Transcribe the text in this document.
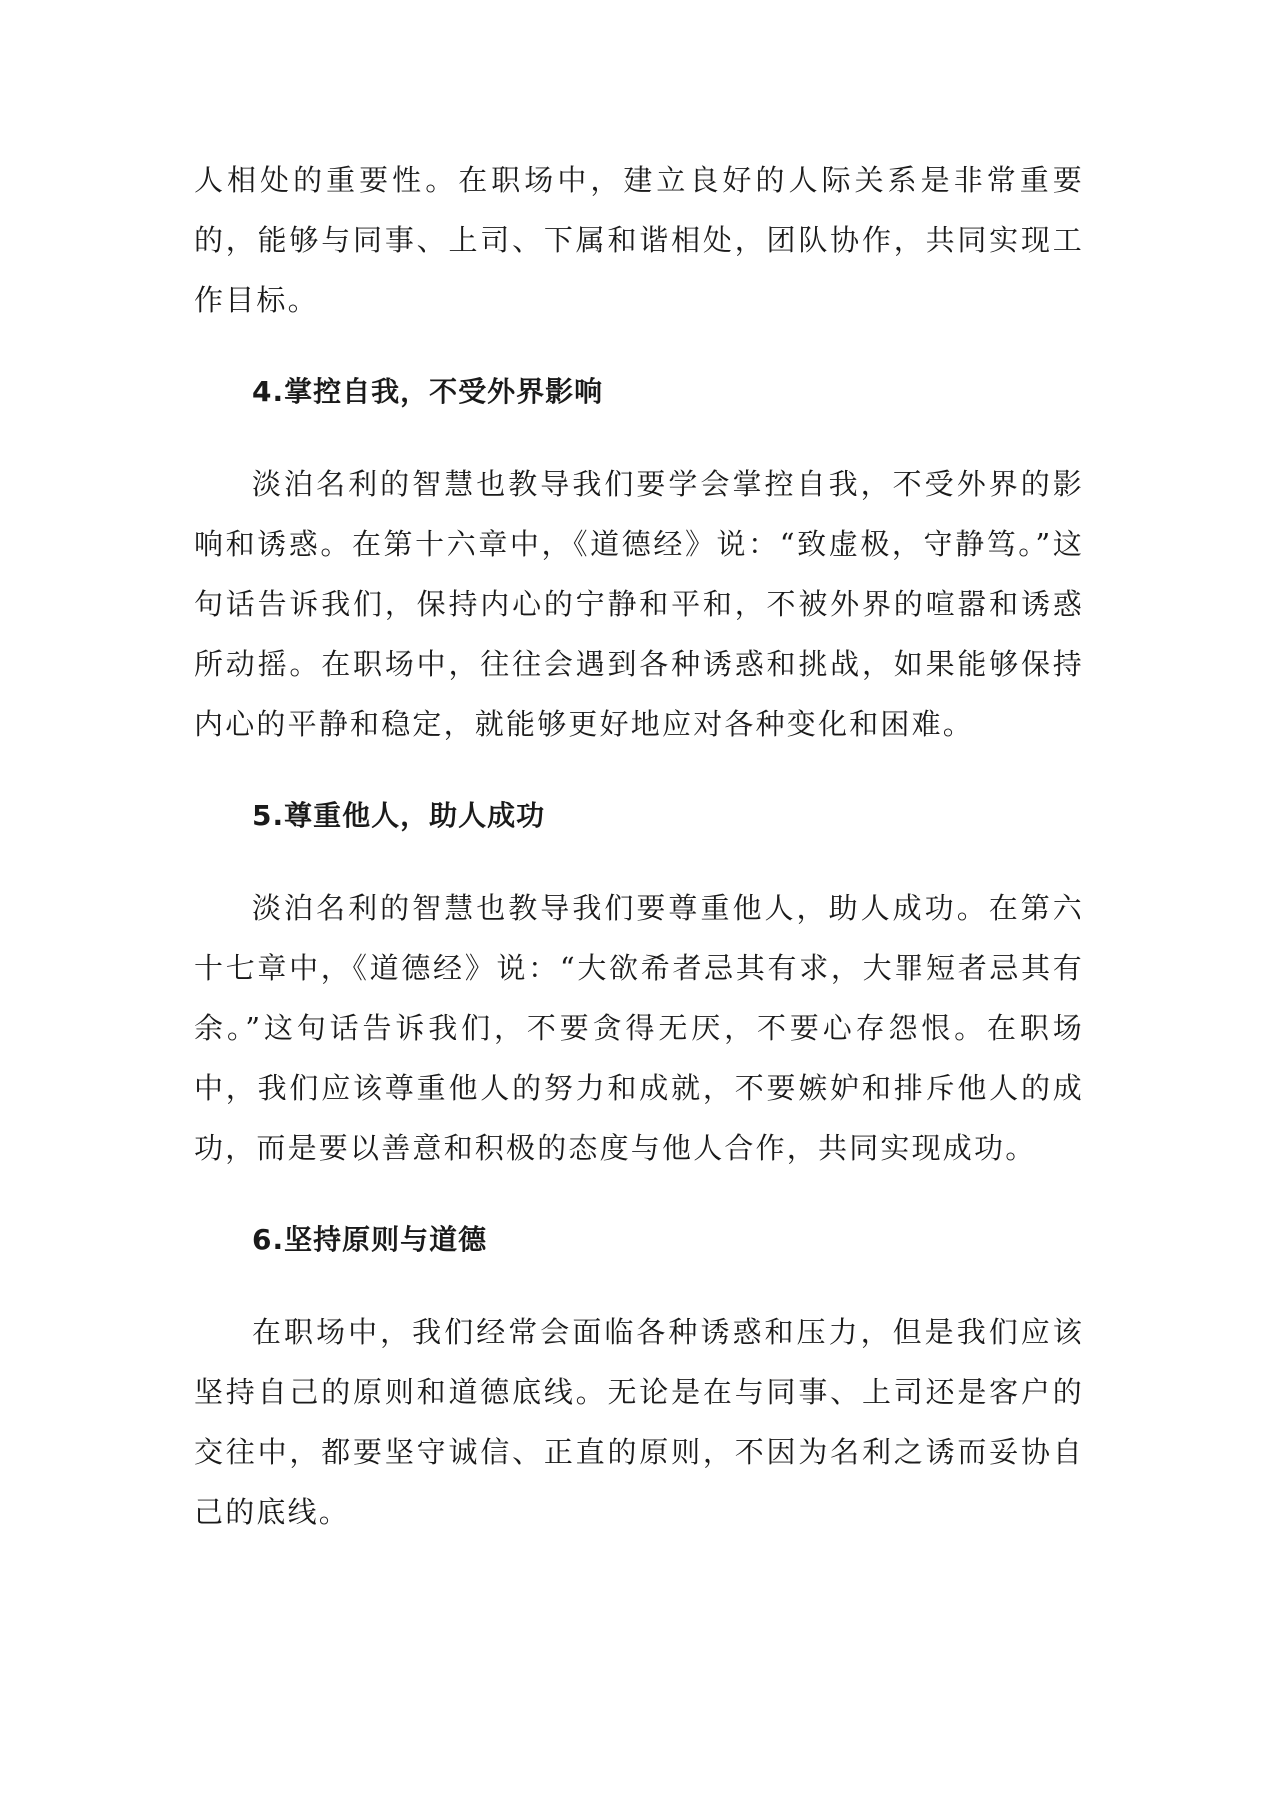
人相处的重要性。在职场中，建立良好的人际关系是非常重要的，能够与同事、上司、下属和谐相处，团队协作，共同实现工作目标。

4.掌控自我，不受外界影响

淡泊名利的智慧也教导我们要学会掌控自我，不受外界的影响和诱惑。在第十六章中，《道德经》说：“致虚极，守静笃。”这句话告诉我们，保持内心的宁静和平和，不被外界的喧嚣和诱惑所动摇。在职场中，往往会遇到各种诱惑和挑战，如果能够保持内心的平静和稳定，就能够更好地应对各种变化和困难。

5.尊重他人，助人成功

淡泊名利的智慧也教导我们要尊重他人，助人成功。在第六十七章中，《道德经》说：“大欲希者忌其有求，大罪短者忌其有余。”这句话告诉我们，不要贪得无厌，不要心存怨恨。在职场中，我们应该尊重他人的努力和成就，不要嫉妒和排斥他人的成功，而是要以善意和积极的态度与他人合作，共同实现成功。

6.坚持原则与道德

在职场中，我们经常会面临各种诱惑和压力，但是我们应该坚持自己的原则和道德底线。无论是在与同事、上司还是客户的交往中，都要坚守诚信、正直的原则，不因为名利之诱而妥协自己的底线。
